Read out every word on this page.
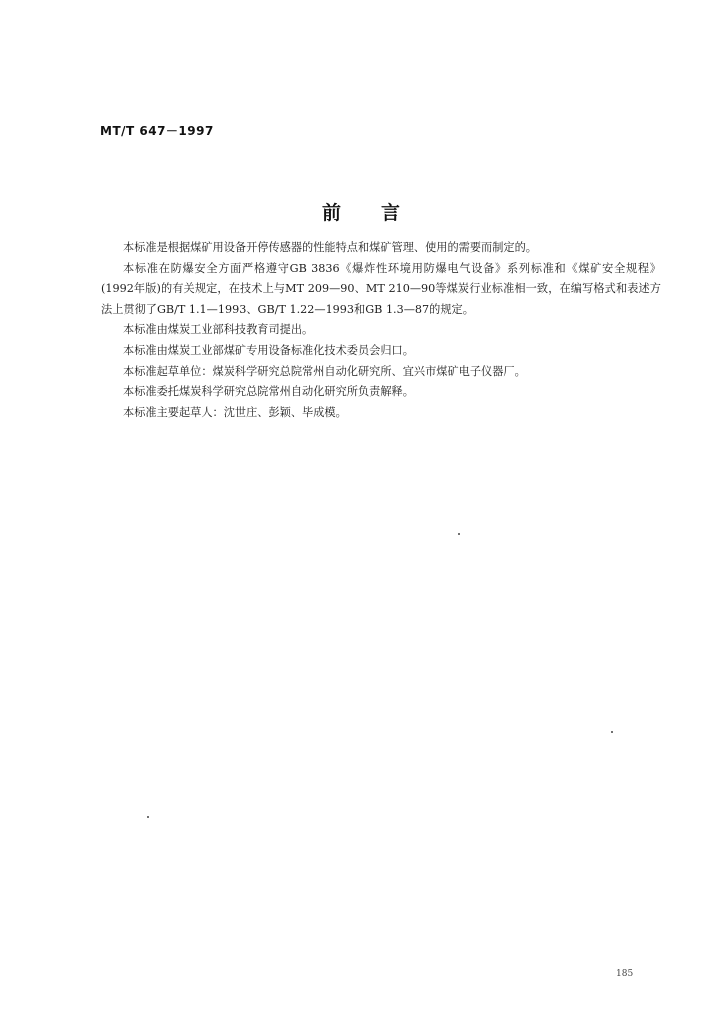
MT/T 647－1997
前言

本标准是根据煤矿用设备开停传感器的性能特点和煤矿管理、使用的需要而制定的。

本标准在防爆安全方面严格遵守GB 3836《爆炸性环境用防爆电气设备》系列标准和《煤矿安全规程》(1992年版)的有关规定，在技术上与MT 209—90、MT 210—90等煤炭行业标准相一致，在编写格式和表述方法上贯彻了GB/T 1.1—1993、GB/T 1.22—1993和GB 1.3—87的规定。

本标准由煤炭工业部科技教育司提出。

本标准由煤炭工业部煤矿专用设备标准化技术委员会归口。

本标准起草单位：煤炭科学研究总院常州自动化研究所、宜兴市煤矿电子仪器厂。

本标准委托煤炭科学研究总院常州自动化研究所负责解释。

本标准主要起草人：沈世庄、彭颖、毕成模。

185
